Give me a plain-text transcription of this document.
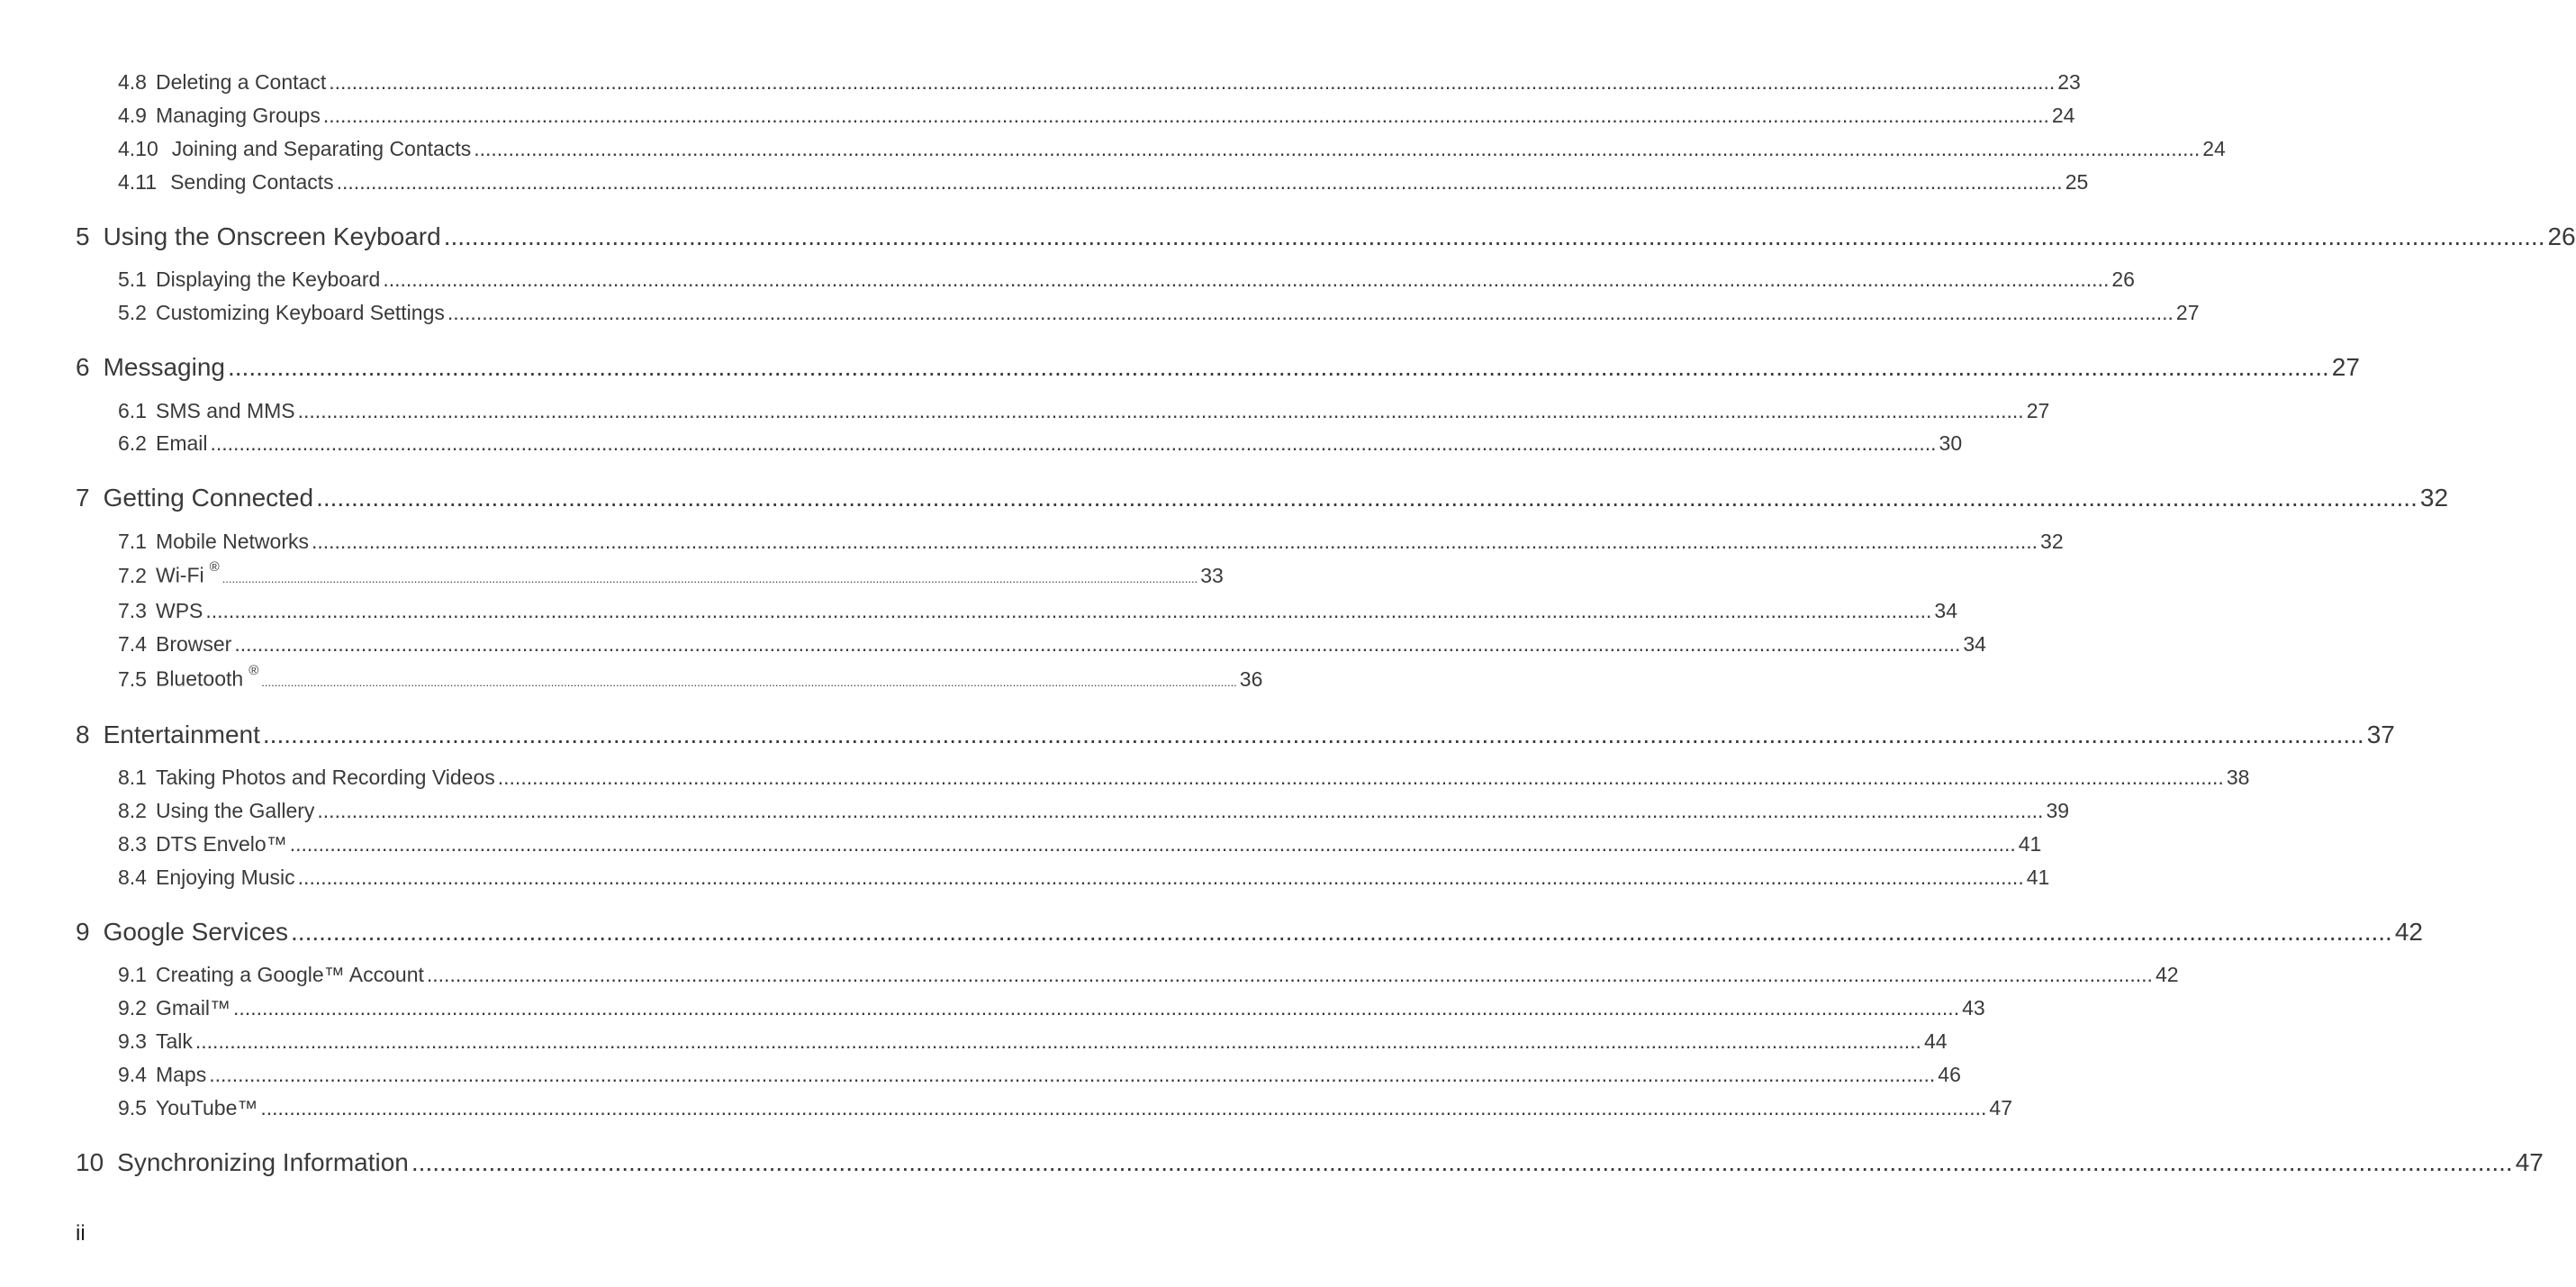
4.8 Deleting a Contact ............................................................................................................................................................................................................................................................................................................ 23
4.9 Managing Groups ............................................................................................................................................................................................................................................................................................................ 24
4.10 Joining and Separating Contacts ............................................................................................................................................................................................................................................................................................................ 24
4.11 Sending Contacts ............................................................................................................................................................................................................................................................................................................ 25
5 Using the Onscreen Keyboard ............................................................................................................................................................................................................................................................................................................ 26
5.1 Displaying the Keyboard ............................................................................................................................................................................................................................................................................................................ 26
5.2 Customizing Keyboard Settings ............................................................................................................................................................................................................................................................................................................ 27
6 Messaging ............................................................................................................................................................................................................................................................................................................ 27
6.1 SMS and MMS ............................................................................................................................................................................................................................................................................................................ 27
6.2 Email ............................................................................................................................................................................................................................................................................................................ 30
7 Getting Connected ............................................................................................................................................................................................................................................................................................................ 32
7.1 Mobile Networks ............................................................................................................................................................................................................................................................................................................ 32
7.2 Wi-Fi ®
............................................................................................................................................................................................................................................................................................................ 33
7.3 WPS ............................................................................................................................................................................................................................................................................................................ 34
7.4 Browser ............................................................................................................................................................................................................................................................................................................ 34
7.5 Bluetooth ®
............................................................................................................................................................................................................................................................................................................ 36
8 Entertainment ............................................................................................................................................................................................................................................................................................................ 37
8.1 Taking Photos and Recording Videos ............................................................................................................................................................................................................................................................................................................ 38
8.2 Using the Gallery ............................................................................................................................................................................................................................................................................................................ 39
8.3 DTS Envelo™ ............................................................................................................................................................................................................................................................................................................ 41
8.4 Enjoying Music ............................................................................................................................................................................................................................................................................................................ 41
9 Google Services ............................................................................................................................................................................................................................................................................................................ 42
9.1 Creating a Google™ Account ............................................................................................................................................................................................................................................................................................................ 42
9.2 Gmail™ ............................................................................................................................................................................................................................................................................................................ 43
9.3 Talk ............................................................................................................................................................................................................................................................................................................ 44
9.4 Maps ............................................................................................................................................................................................................................................................................................................ 46
9.5 YouTube™ ............................................................................................................................................................................................................................................................................................................ 47
10 Synchronizing Information ............................................................................................................................................................................................................................................................................................................ 47
ii
